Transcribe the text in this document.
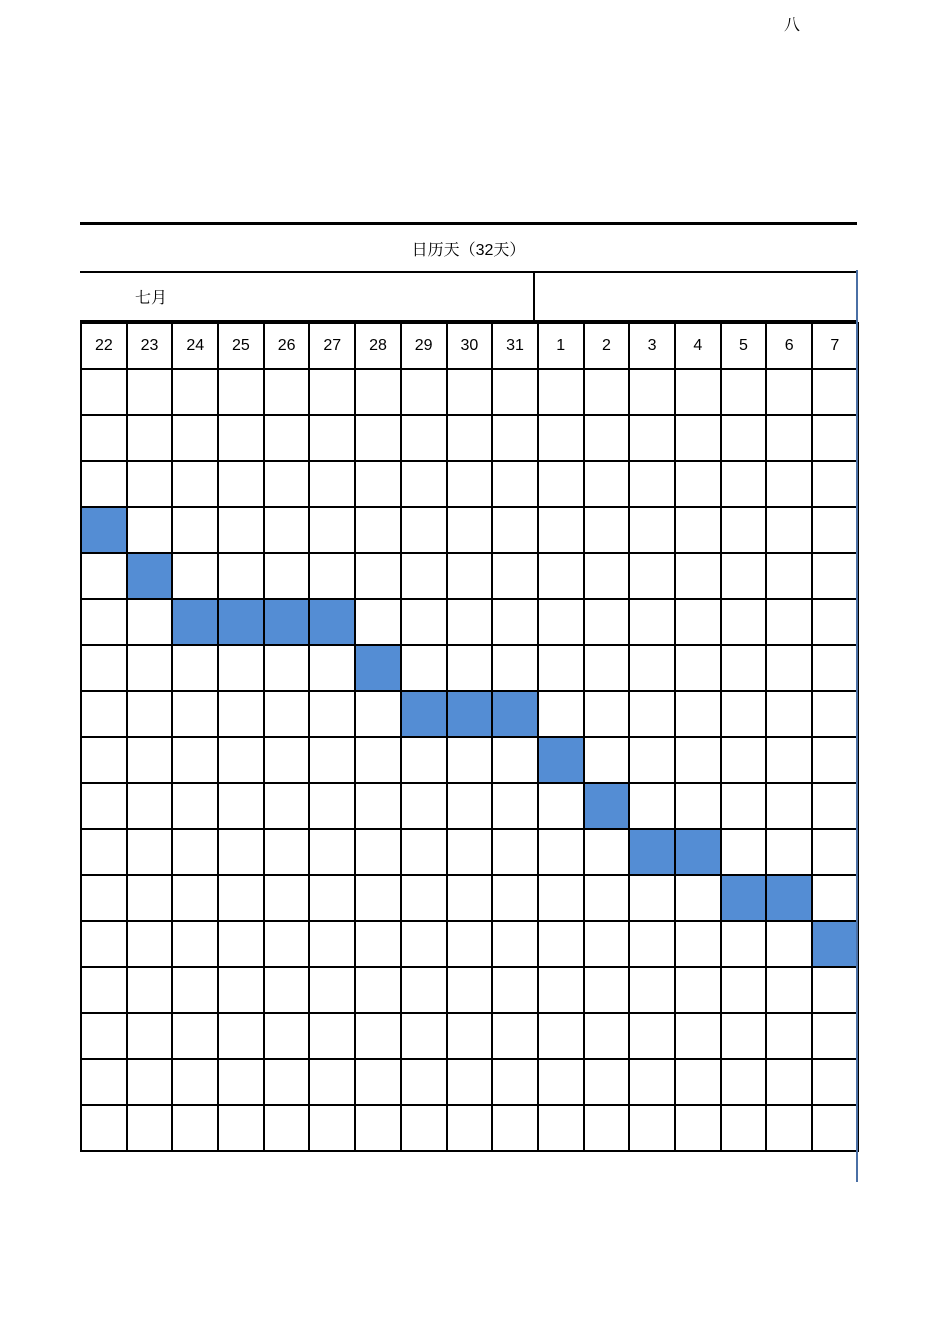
日历天（32天）
七月
22	23	24	25	26	27	28	29	30	31	1	2	3	4	5	6	7

八
